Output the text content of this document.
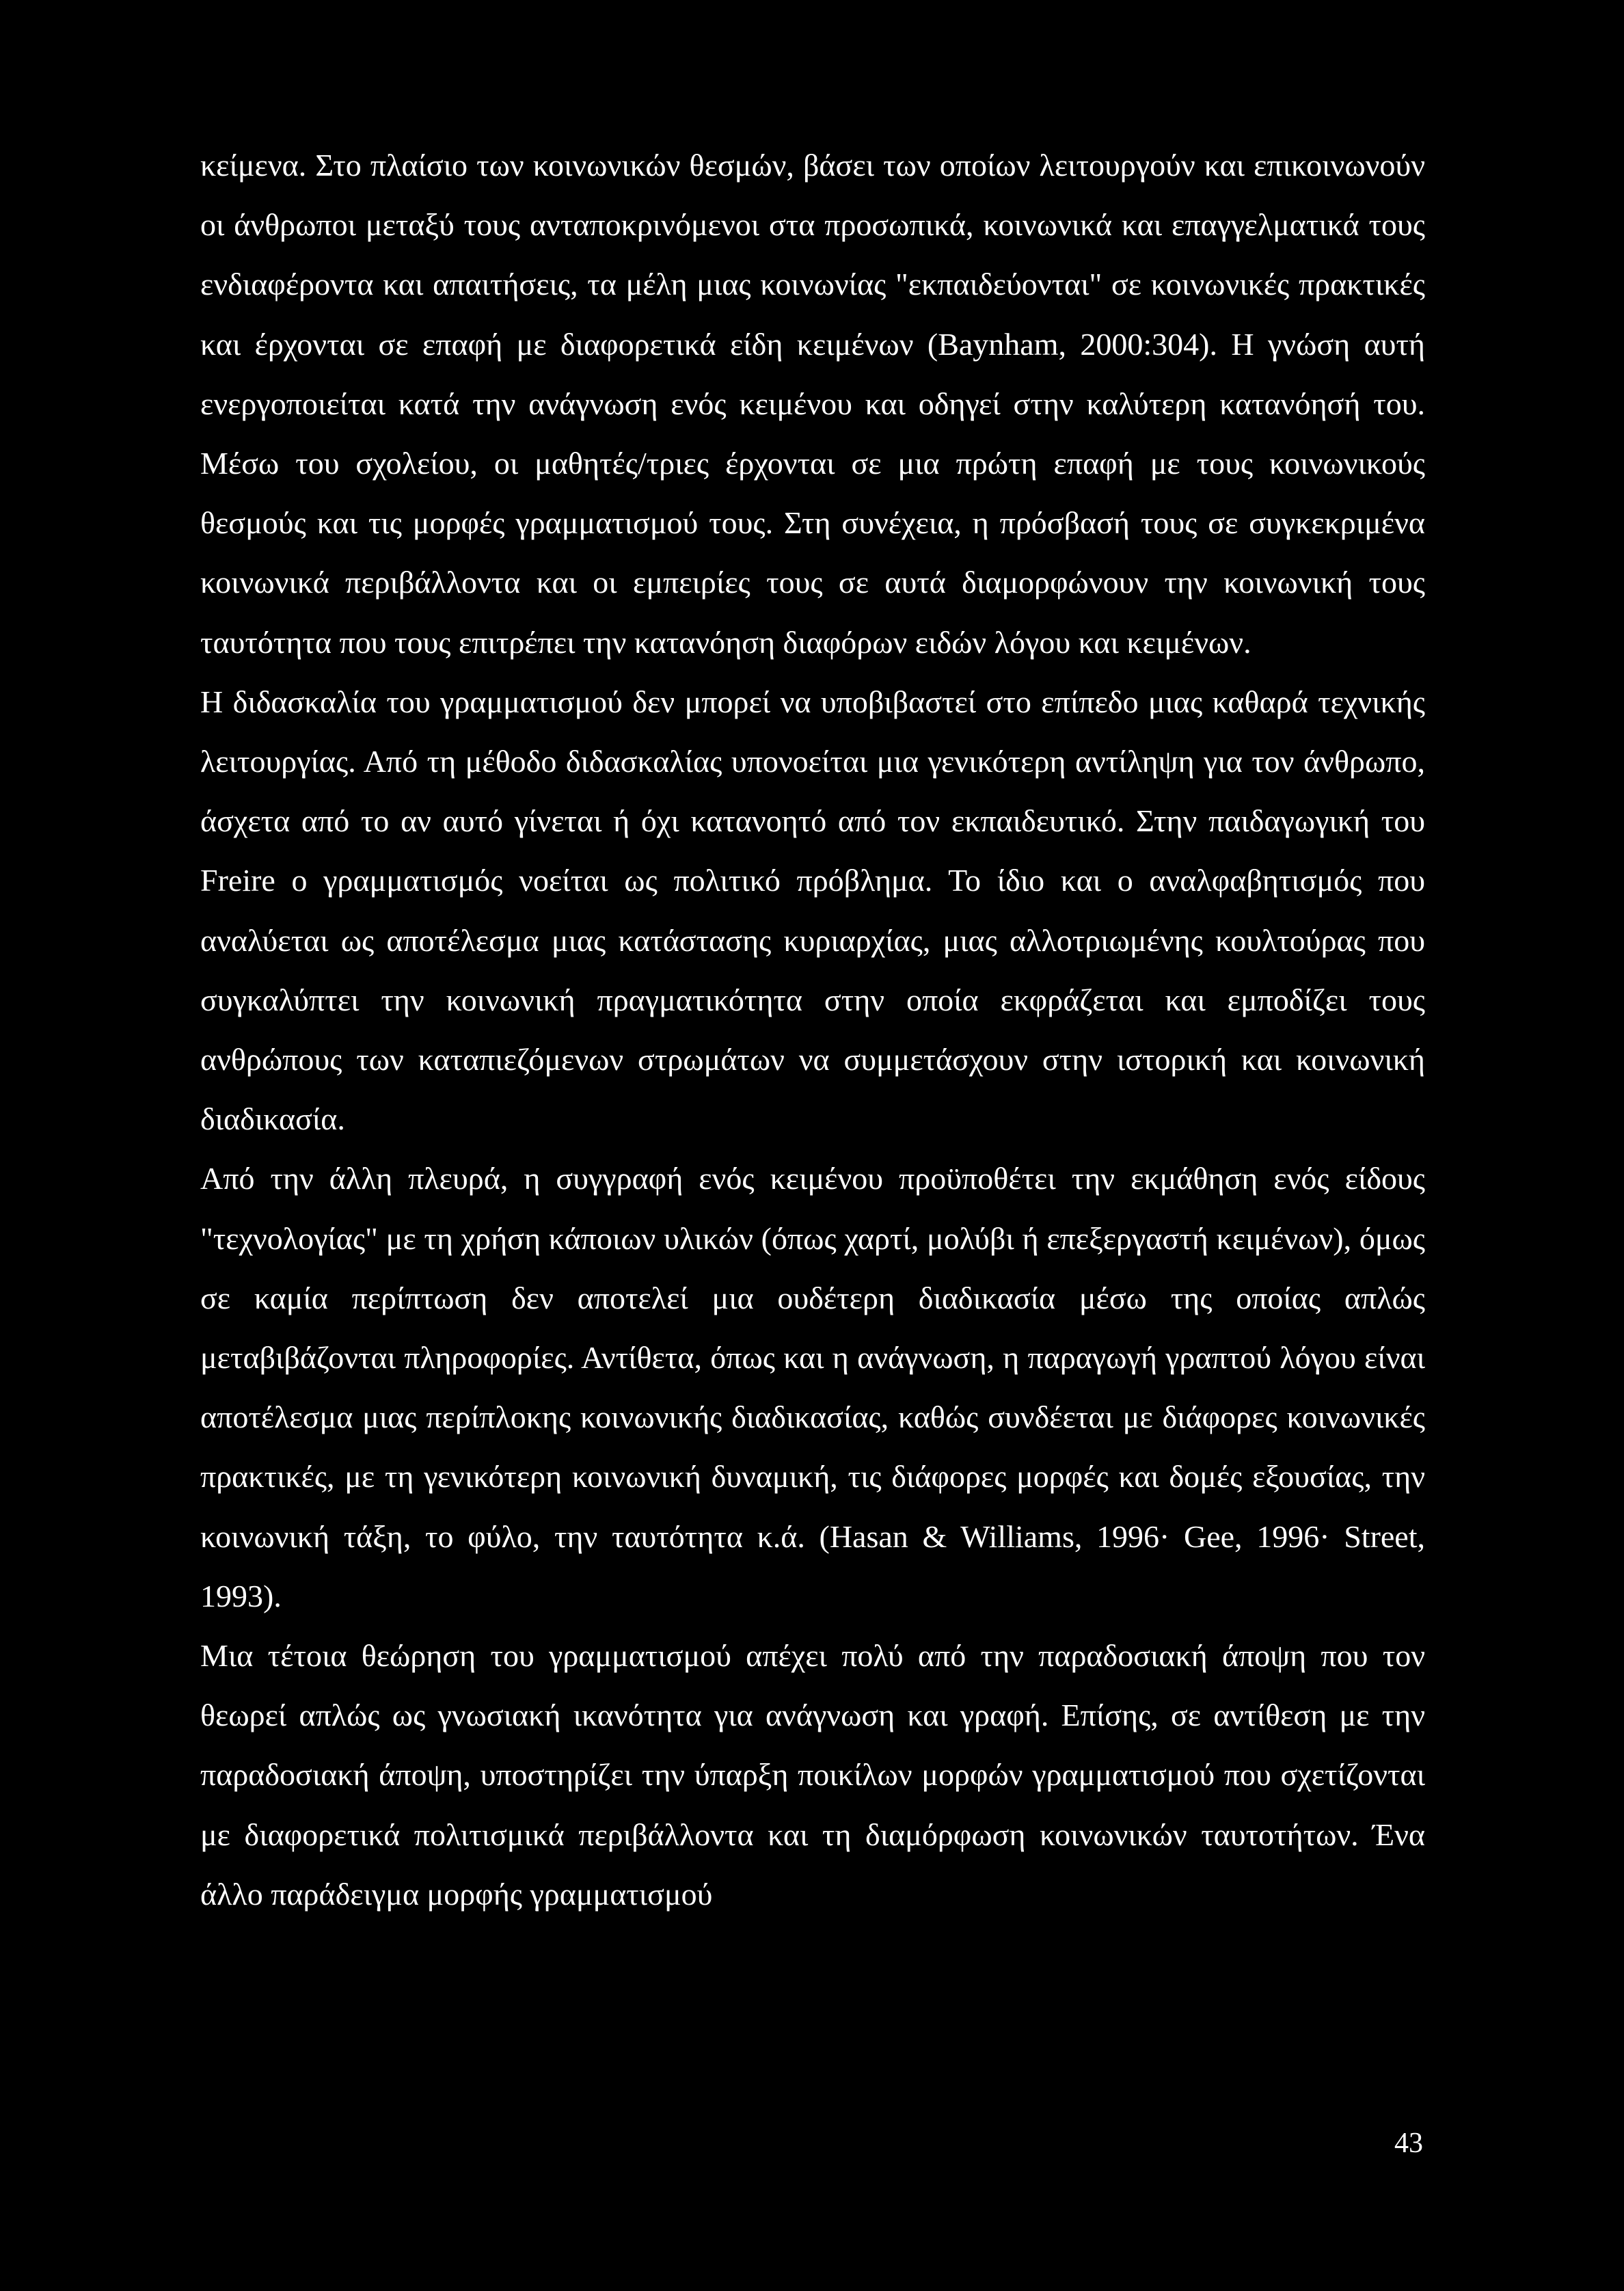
κείμενα. Στο πλαίσιο των κοινωνικών θεσμών, βάσει των οποίων λειτουργούν και επικοινωνούν οι άνθρωποι μεταξύ τους ανταποκρινόμενοι στα προσωπικά, κοινωνικά και επαγγελματικά τους ενδιαφέροντα και απαιτήσεις, τα μέλη μιας κοινωνίας "εκπαιδεύονται" σε κοινωνικές πρακτικές και έρχονται σε επαφή με διαφορετικά είδη κειμένων (Baynham, 2000:304). Η γνώση αυτή ενεργοποιείται κατά την ανάγνωση ενός κειμένου και οδηγεί στην καλύτερη κατανόησή του. Μέσω του σχολείου, οι μαθητές/τριες έρχονται σε μια πρώτη επαφή με τους κοινωνικούς θεσμούς και τις μορφές γραμματισμού τους. Στη συνέχεια, η πρόσβασή τους σε συγκεκριμένα κοινωνικά περιβάλλοντα και οι εμπειρίες τους σε αυτά διαμορφώνουν την κοινωνική τους ταυτότητα που τους επιτρέπει την κατανόηση διαφόρων ειδών λόγου και κειμένων.

Η διδασκαλία του γραμματισμού δεν μπορεί να υποβιβαστεί στο επίπεδο μιας καθαρά τεχνικής λειτουργίας. Από τη μέθοδο διδασκαλίας υπονοείται μια γενικότερη αντίληψη για τον άνθρωπο, άσχετα από το αν αυτό γίνεται ή όχι κατανοητό από τον εκπαιδευτικό. Στην παιδαγωγική του Freire ο γραμματισμός νοείται ως πολιτικό πρόβλημα. Το ίδιο και ο αναλφαβητισμός που αναλύεται ως αποτέλεσμα μιας κατάστασης κυριαρχίας, μιας αλλοτριωμένης κουλτούρας που συγκαλύπτει την κοινωνική πραγματικότητα στην οποία εκφράζεται και εμποδίζει τους ανθρώπους των καταπιεζόμενων στρωμάτων να συμμετάσχουν στην ιστορική και κοινωνική διαδικασία.

Από την άλλη πλευρά, η συγγραφή ενός κειμένου προϋποθέτει την εκμάθηση ενός είδους "τεχνολογίας" με τη χρήση κάποιων υλικών (όπως χαρτί, μολύβι ή επεξεργαστή κειμένων), όμως σε καμία περίπτωση δεν αποτελεί μια ουδέτερη διαδικασία μέσω της οποίας απλώς μεταβιβάζονται πληροφορίες. Αντίθετα, όπως και η ανάγνωση, η παραγωγή γραπτού λόγου είναι αποτέλεσμα μιας περίπλοκης κοινωνικής διαδικασίας, καθώς συνδέεται με διάφορες κοινωνικές πρακτικές, με τη γενικότερη κοινωνική δυναμική, τις διάφορες μορφές και δομές εξουσίας, την κοινωνική τάξη, το φύλο, την ταυτότητα κ.ά. (Hasan & Williams, 1996· Gee, 1996· Street, 1993).

Μια τέτοια θεώρηση του γραμματισμού απέχει πολύ από την παραδοσιακή άποψη που τον θεωρεί απλώς ως γνωσιακή ικανότητα για ανάγνωση και γραφή. Επίσης, σε αντίθεση με την παραδοσιακή άποψη, υποστηρίζει την ύπαρξη ποικίλων μορφών γραμματισμού που σχετίζονται με διαφορετικά πολιτισμικά περιβάλλοντα και τη διαμόρφωση κοινωνικών ταυτοτήτων. Ένα άλλο παράδειγμα μορφής γραμματισμού

43
